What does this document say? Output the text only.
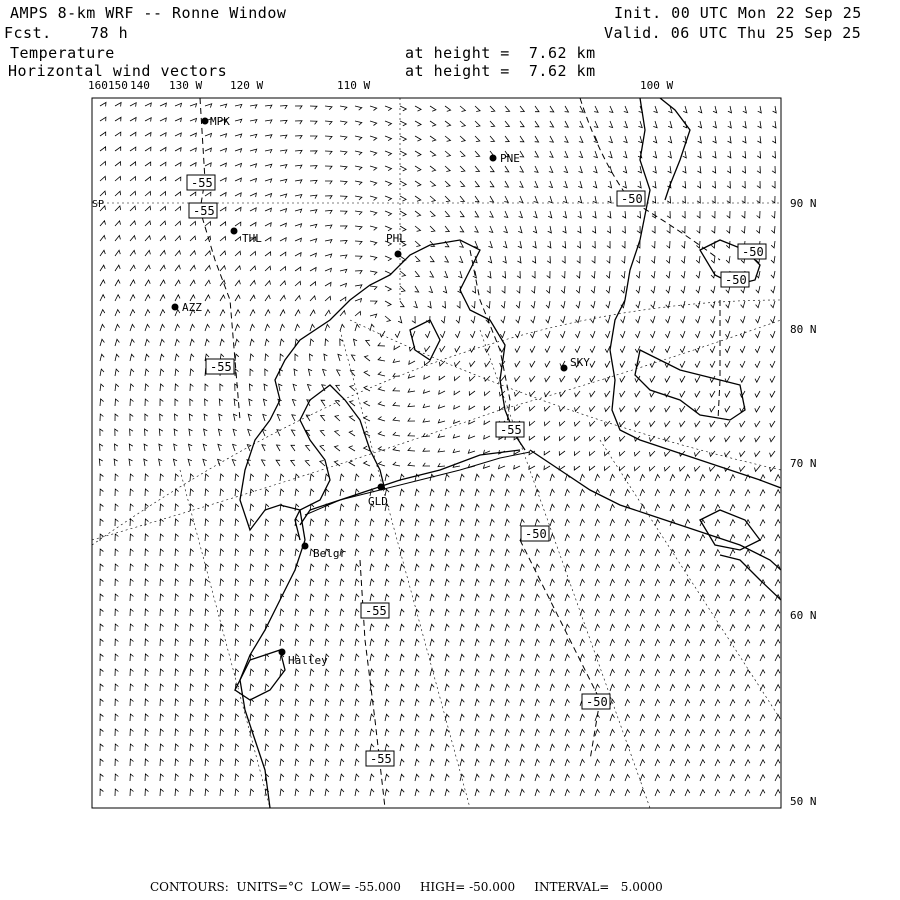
AMPS 8-km WRF -- Ronne Window
Fcst.	78 h
Temperature
Horizontal wind vectors
at height =  7.62 km
at height =  7.62 km
Init. 00 UTC Mon 22 Sep 25
Valid. 06 UTC Thu 25 Sep 25
160 150 140 130 W	120 W	110 W	100 W
90 N
80 N
70 N
60 N
50 N
MPK
PNE
THL	PHL
AZZ
SKY
GLD
Belgr
Halley
SP
-55
-55
-50
-50
-50
-55
-55
-50
-55
-50
-55
CONTOURS:  UNITS=°C  LOW= -55.000     HIGH= -50.000     INTERVAL=   5.0000
